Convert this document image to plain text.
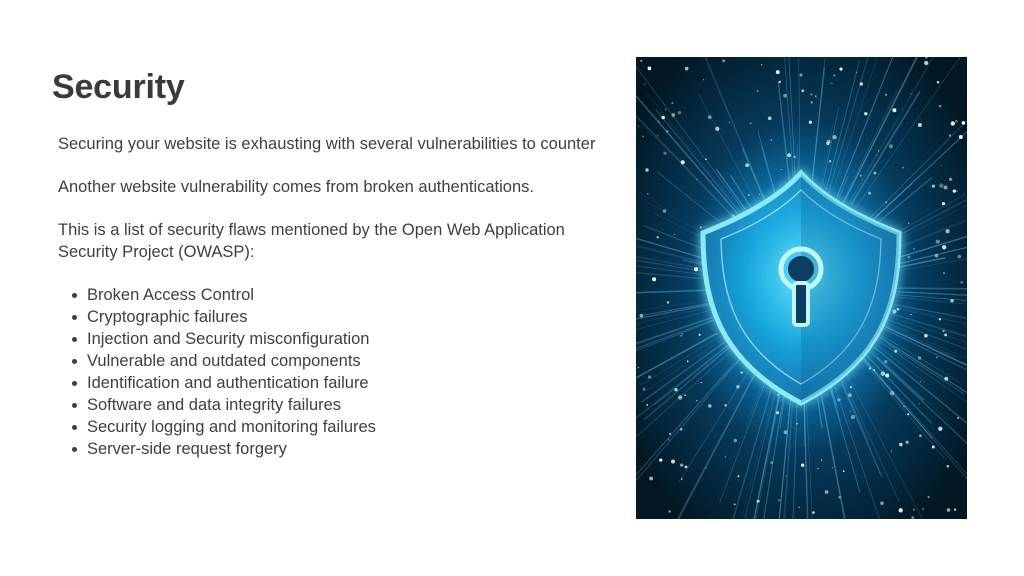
Security

Securing your website is exhausting with several vulnerabilities to counter

Another website vulnerability comes from broken authentications.

This is a list of security flaws mentioned by the Open Web Application Security Project (OWASP):

Broken Access Control
Cryptographic failures
Injection and Security misconfiguration
Vulnerable and outdated components
Identification and authentication failure
Software and data integrity failures
Security logging and monitoring failures
Server-side request forgery
